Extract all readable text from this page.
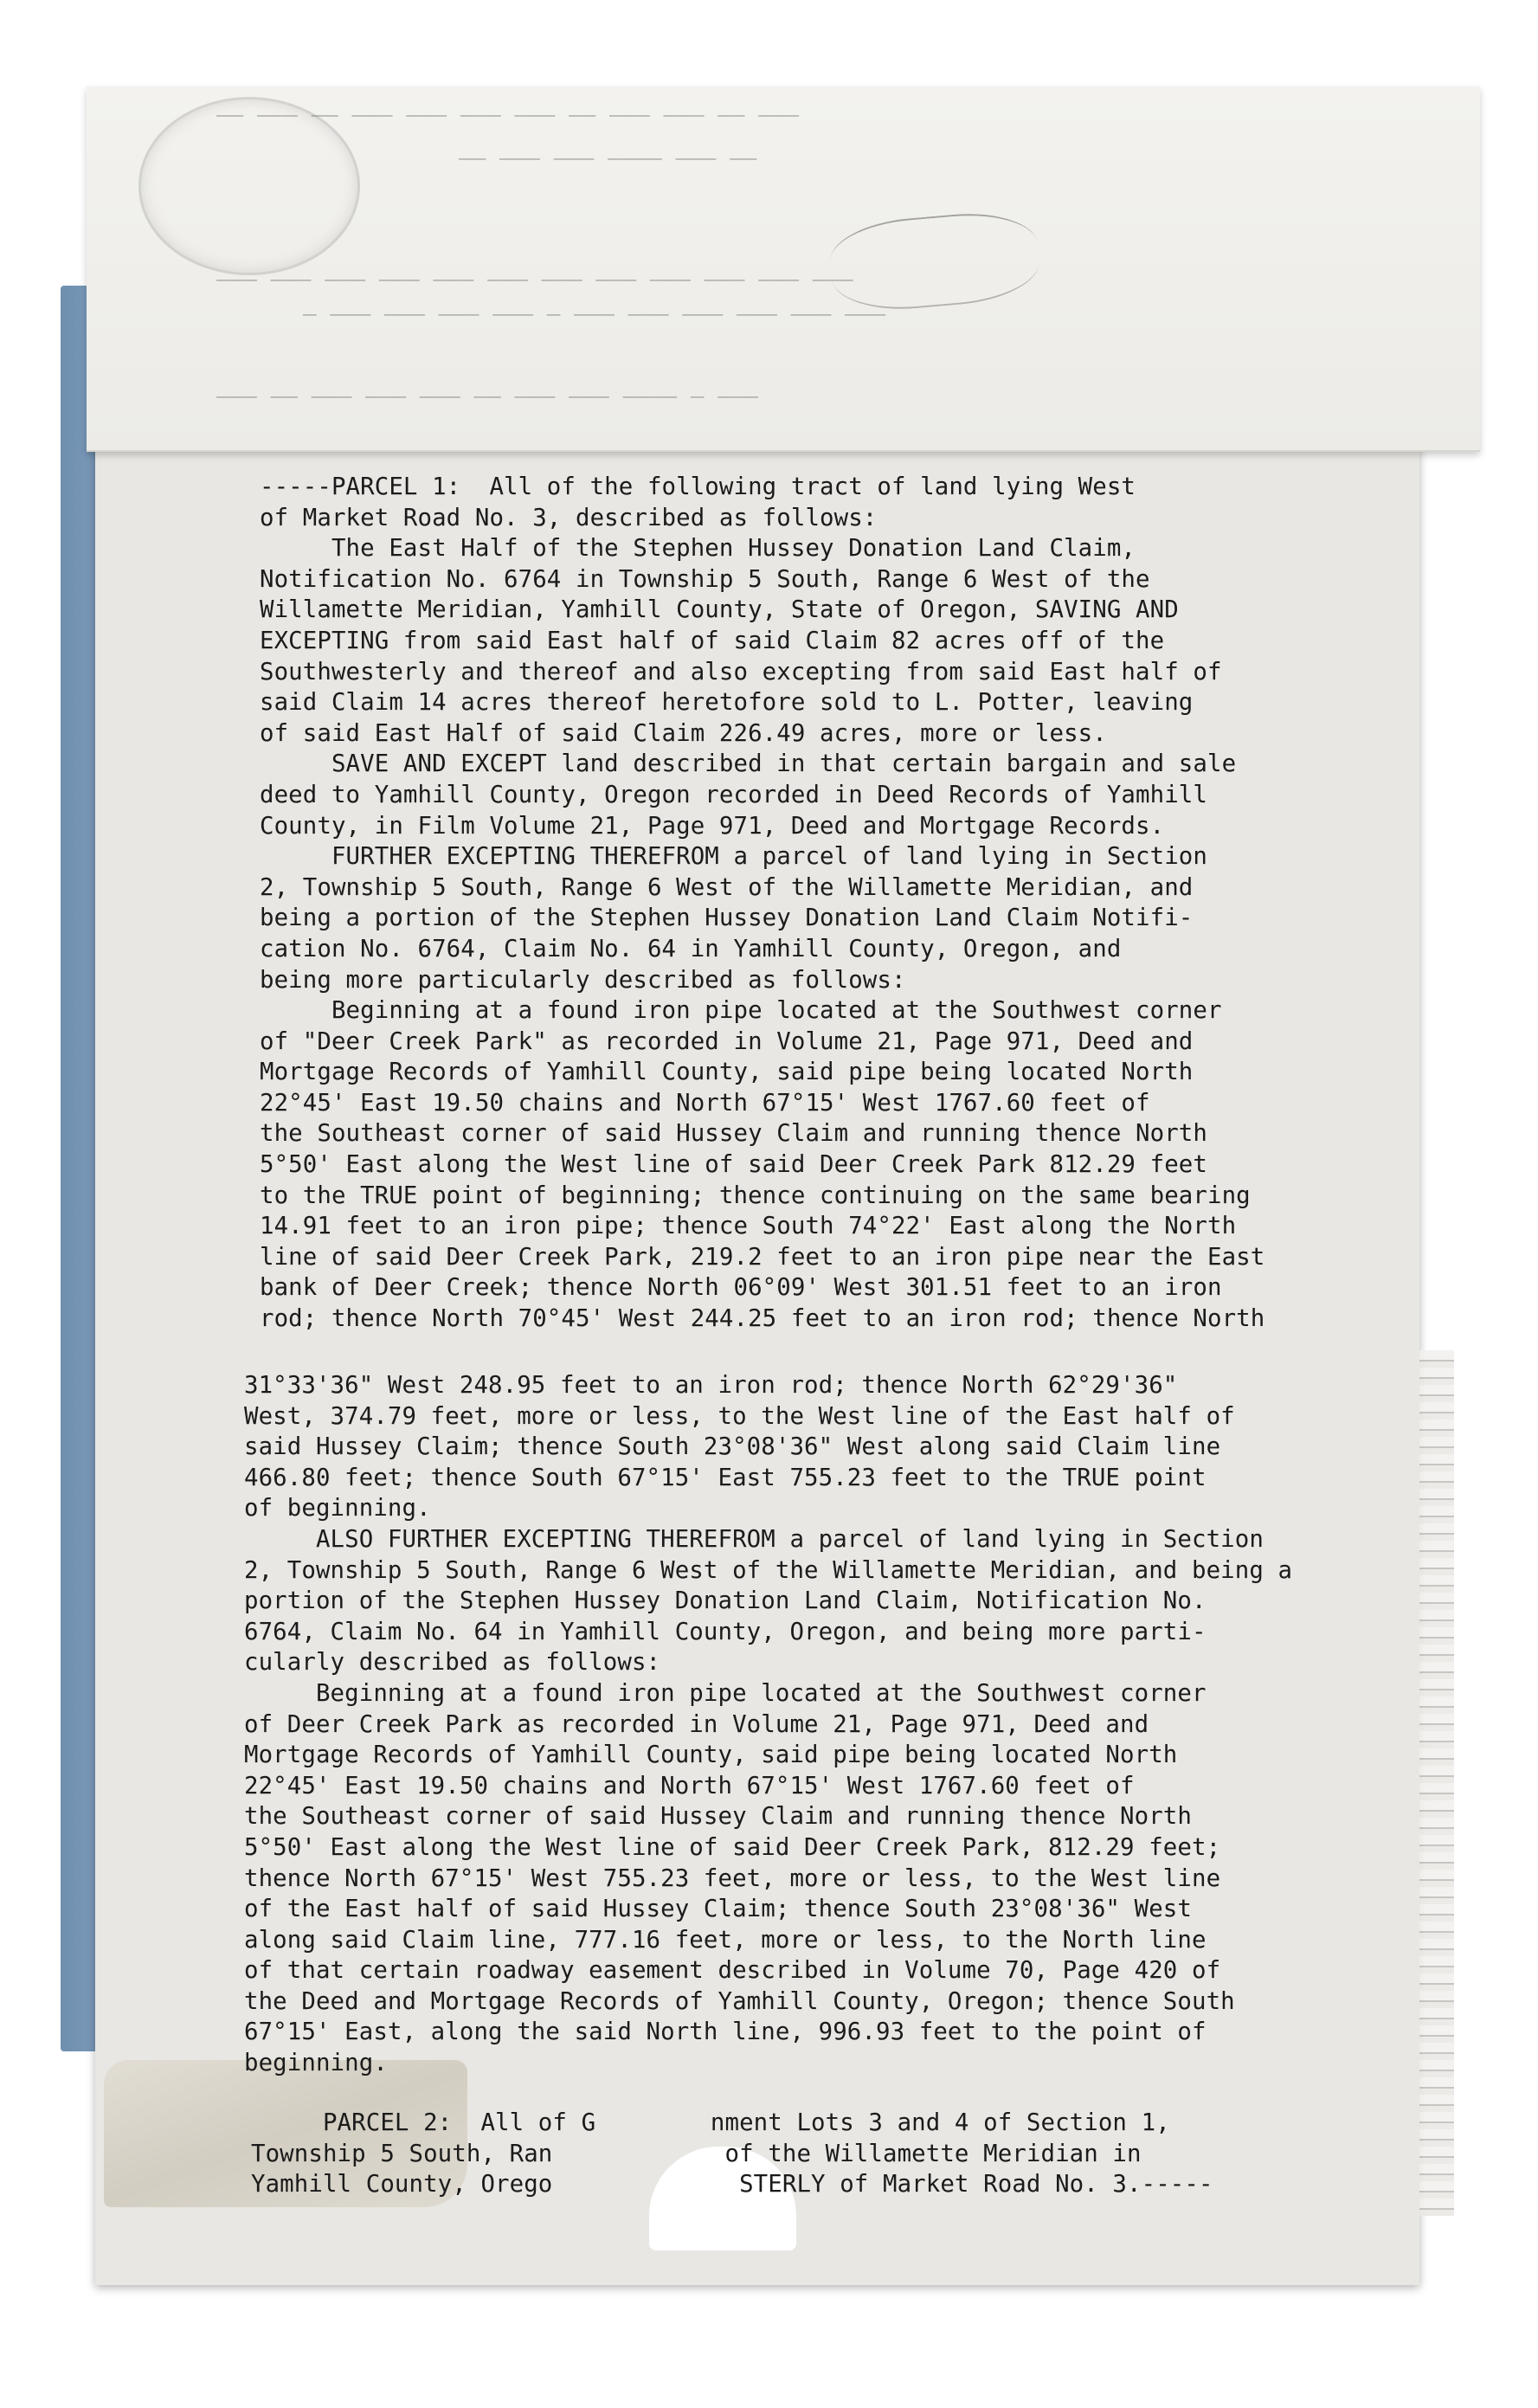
—— ——— —— ——— ——— ——— ——— —— ——— ——— —— ———
—— ——— ——— ———— ——— ——
——— ——— ——— ——— ——— ——— ——— ——— ——— ——— ——— ———
— ——— ——— ——— ——— — ——— ——— ——— ——— ——— ———
——— —— ——— ——— ——— —— ——— ——— ———— — ———
-----PARCEL 1:  All of the following tract of land lying West
of Market Road No. 3, described as follows:
The East Half of the Stephen Hussey Donation Land Claim,
Notification No. 6764 in Township 5 South, Range 6 West of the
Willamette Meridian, Yamhill County, State of Oregon, SAVING AND
EXCEPTING from said East half of said Claim 82 acres off of the
Southwesterly and thereof and also excepting from said East half of
said Claim 14 acres thereof heretofore sold to L. Potter, leaving
of said East Half of said Claim 226.49 acres, more or less.
SAVE AND EXCEPT land described in that certain bargain and sale
deed to Yamhill County, Oregon recorded in Deed Records of Yamhill
County, in Film Volume 21, Page 971, Deed and Mortgage Records.
FURTHER EXCEPTING THEREFROM a parcel of land lying in Section
2, Township 5 South, Range 6 West of the Willamette Meridian, and
being a portion of the Stephen Hussey Donation Land Claim Notifi-
cation No. 6764, Claim No. 64 in Yamhill County, Oregon, and
being more particularly described as follows:
Beginning at a found iron pipe located at the Southwest corner
of "Deer Creek Park" as recorded in Volume 21, Page 971, Deed and
Mortgage Records of Yamhill County, said pipe being located North
22°45' East 19.50 chains and North 67°15' West 1767.60 feet of
the Southeast corner of said Hussey Claim and running thence North
5°50' East along the West line of said Deer Creek Park 812.29 feet
to the TRUE point of beginning; thence continuing on the same bearing
14.91 feet to an iron pipe; thence South 74°22' East along the North
line of said Deer Creek Park, 219.2 feet to an iron pipe near the East
bank of Deer Creek; thence North 06°09' West 301.51 feet to an iron
rod; thence North 70°45' West 244.25 feet to an iron rod; thence North
31°33'36" West 248.95 feet to an iron rod; thence North 62°29'36"
West, 374.79 feet, more or less, to the West line of the East half of
said Hussey Claim; thence South 23°08'36" West along said Claim line
466.80 feet; thence South 67°15' East 755.23 feet to the TRUE point
of beginning.
ALSO FURTHER EXCEPTING THEREFROM a parcel of land lying in Section
2, Township 5 South, Range 6 West of the Willamette Meridian, and being a
portion of the Stephen Hussey Donation Land Claim, Notification No.
6764, Claim No. 64 in Yamhill County, Oregon, and being more parti-
cularly described as follows:
Beginning at a found iron pipe located at the Southwest corner
of Deer Creek Park as recorded in Volume 21, Page 971, Deed and
Mortgage Records of Yamhill County, said pipe being located North
22°45' East 19.50 chains and North 67°15' West 1767.60 feet of
the Southeast corner of said Hussey Claim and running thence North
5°50' East along the West line of said Deer Creek Park, 812.29 feet;
thence North 67°15' West 755.23 feet, more or less, to the West line
of the East half of said Hussey Claim; thence South 23°08'36" West
along said Claim line, 777.16 feet, more or less, to the North line
of that certain roadway easement described in Volume 70, Page 420 of
the Deed and Mortgage Records of Yamhill County, Oregon; thence South
67°15' East, along the said North line, 996.93 feet to the point of
beginning.
PARCEL 2:  All of G        nment Lots 3 and 4 of Section 1,
Township 5 South, Ran            of the Willamette Meridian in
Yamhill County, Orego             STERLY of Market Road No. 3.-----
